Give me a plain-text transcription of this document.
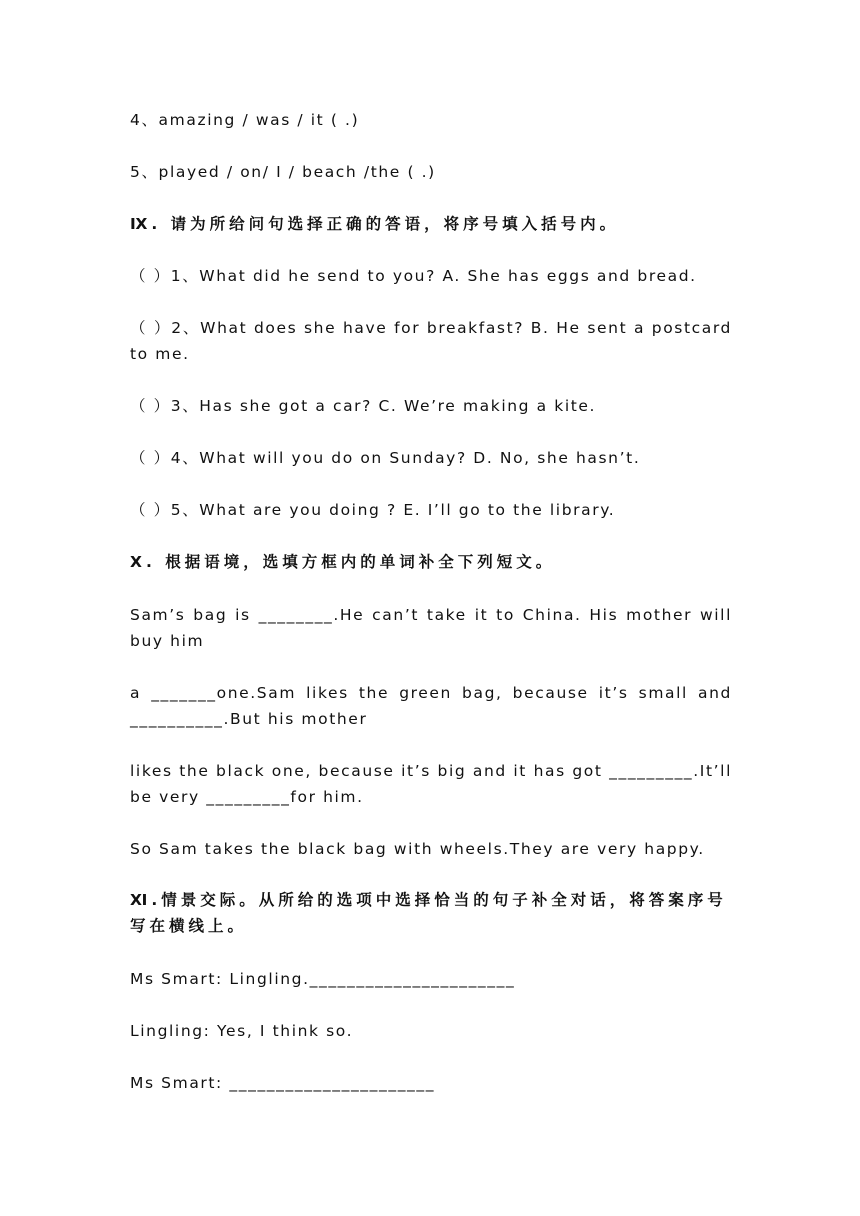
4、amazing / was / it ( .)
5、played / on/ I / beach /the ( .)
Ⅸ. 请为所给问句选择正确的答语，将序号填入括号内。
（ ）1、What did he send to you? A. She has eggs and bread.
（ ）2、What does she have for breakfast? B. He sent a postcard to me.
（ ）3、Has she got a car? C. We’re making a kite.
（ ）4、What will you do on Sunday? D. No, she hasn’t.
（ ）5、What are you doing ? E. I’ll go to the library.
Ⅹ. 根据语境，选填方框内的单词补全下列短文。
Sam’s bag is ________.He can’t take it to China. His mother will buy him
a _______one.Sam likes the green bag, because it’s small and __________.But his mother
likes the black one, because it’s big and it has got _________.It’ll be very _________for him.
So Sam takes the black bag with wheels.They are very happy.
Ⅺ.情景交际。从所给的选项中选择恰当的句子补全对话，将答案序号写在横线上。
Ms Smart: Lingling.______________________
Lingling: Yes, I think so.
Ms Smart: ______________________
